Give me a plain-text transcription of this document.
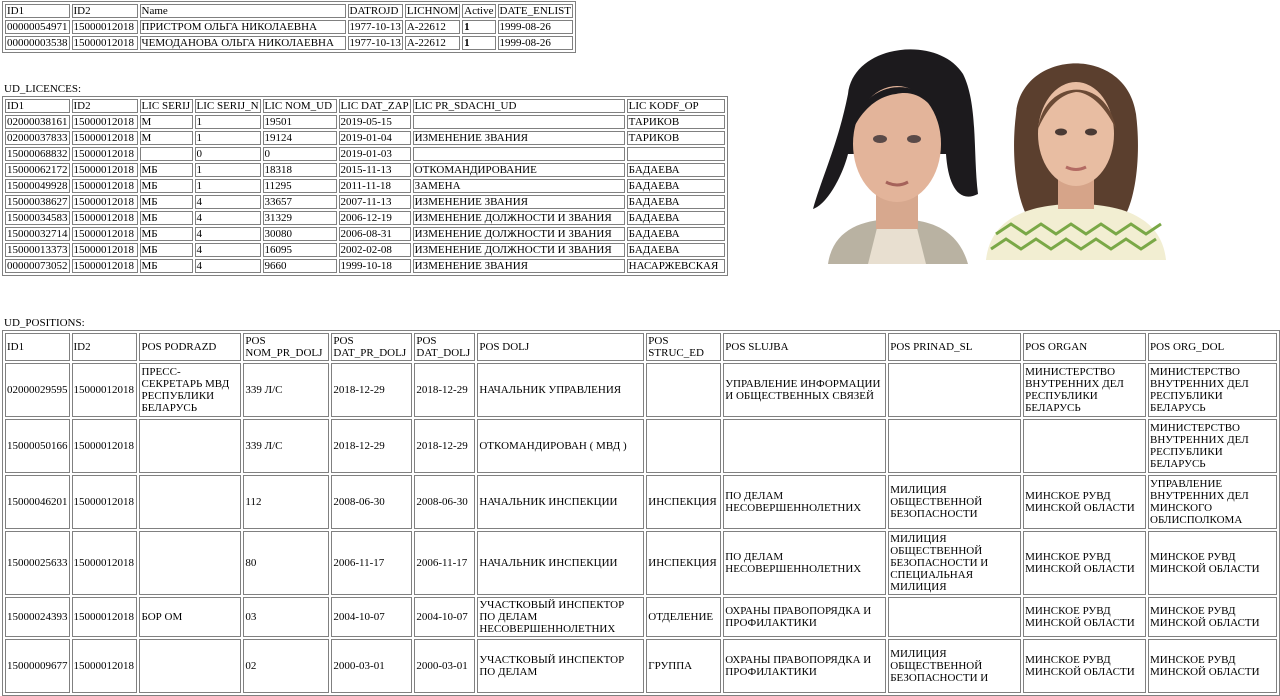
ID1	ID2	Name	DATROJD	LICHNOM	Active	DATE_ENLIST
00000054971	15000012018	ПРИСТРОМ ОЛЬГА НИКОЛАЕВНА	1977-10-13	A-22612	1	1999-08-26
00000003538	15000012018	ЧЕМОДАНОВА ОЛЬГА НИКОЛАЕВНА	1977-10-13	A-22612	1	1999-08-26
UD_LICENCES:
ID1	ID2	LIC SERIJ	LIC SERIJ_N	LIC NOM_UD	LIC DAT_ZAP	LIC PR_SDACHI_UD	LIC KODF_OP
02000038161	15000012018	M	1	19501	2019-05-15		ТАРИКОВ
02000037833	15000012018	M	1	19124	2019-01-04	ИЗМЕНЕНИЕ ЗВАНИЯ	ТАРИКОВ
15000068832	15000012018		0	0	2019-01-03		
15000062172	15000012018	МБ	1	18318	2015-11-13	ОТКОМАНДИРОВАНИЕ	БАДАЕВА
15000049928	15000012018	МБ	1	11295	2011-11-18	ЗАМЕНА	БАДАЕВА
15000038627	15000012018	МБ	4	33657	2007-11-13	ИЗМЕНЕНИЕ ЗВАНИЯ	БАДАЕВА
15000034583	15000012018	МБ	4	31329	2006-12-19	ИЗМЕНЕНИЕ ДОЛЖНОСТИ И ЗВАНИЯ	БАДАЕВА
15000032714	15000012018	МБ	4	30080	2006-08-31	ИЗМЕНЕНИЕ ДОЛЖНОСТИ И ЗВАНИЯ	БАДАЕВА
15000013373	15000012018	МБ	4	16095	2002-02-08	ИЗМЕНЕНИЕ ДОЛЖНОСТИ И ЗВАНИЯ	БАДАЕВА
00000073052	15000012018	МБ	4	9660	1999-10-18	ИЗМЕНЕНИЕ ЗВАНИЯ	НАСАРЖЕВСКАЯ
UD_POSITIONS:
ID1	ID2	POS PODRAZD	POS NOM_PR_DOLJ	POS DAT_PR_DOLJ	POS DAT_DOLJ	POS DOLJ	POS STRUC_ED	POS SLUJBA	POS PRINAD_SL	POS ORGAN	POS ORG_DOL
02000029595	15000012018	ПРЕСС-СЕКРЕТАРЬ МВД РЕСПУБЛИКИ БЕЛАРУСЬ	339 Л/С	2018-12-29	2018-12-29	НАЧАЛЬНИК УПРАВЛЕНИЯ		УПРАВЛЕНИЕ ИНФОРМАЦИИ И ОБЩЕСТВЕННЫХ СВЯЗЕЙ		МИНИСТЕРСТВО ВНУТРЕННИХ ДЕЛ РЕСПУБЛИКИ БЕЛАРУСЬ	МИНИСТЕРСТВО ВНУТРЕННИХ ДЕЛ РЕСПУБЛИКИ БЕЛАРУСЬ
15000050166	15000012018		339 Л/С	2018-12-29	2018-12-29	ОТКОМАНДИРОВАН ( МВД )					МИНИСТЕРСТВО ВНУТРЕННИХ ДЕЛ РЕСПУБЛИКИ БЕЛАРУСЬ
15000046201	15000012018		112	2008-06-30	2008-06-30	НАЧАЛЬНИК ИНСПЕКЦИИ	ИНСПЕКЦИЯ	ПО ДЕЛАМ НЕСОВЕРШЕННОЛЕТНИХ	МИЛИЦИЯ ОБЩЕСТВЕННОЙ БЕЗОПАСНОСТИ	МИНСКОЕ РУВД МИНСКОЙ ОБЛАСТИ	УПРАВЛЕНИЕ ВНУТРЕННИХ ДЕЛ МИНСКОГО ОБЛИСПОЛКОМА
15000025633	15000012018		80	2006-11-17	2006-11-17	НАЧАЛЬНИК ИНСПЕКЦИИ	ИНСПЕКЦИЯ	ПО ДЕЛАМ НЕСОВЕРШЕННОЛЕТНИХ	МИЛИЦИЯ ОБЩЕСТВЕННОЙ БЕЗОПАСНОСТИ И СПЕЦИАЛЬНАЯ МИЛИЦИЯ	МИНСКОЕ РУВД МИНСКОЙ ОБЛАСТИ	МИНСКОЕ РУВД МИНСКОЙ ОБЛАСТИ
15000024393	15000012018	БОР ОМ	03	2004-10-07	2004-10-07	УЧАСТКОВЫЙ ИНСПЕКТОР ПО ДЕЛАМ НЕСОВЕРШЕННОЛЕТНИХ	ОТДЕЛЕНИЕ	ОХРАНЫ ПРАВОПОРЯДКА И ПРОФИЛАКТИКИ		МИНСКОЕ РУВД МИНСКОЙ ОБЛАСТИ	МИНСКОЕ РУВД МИНСКОЙ ОБЛАСТИ
15000009677	15000012018		02	2000-03-01	2000-03-01	УЧАСТКОВЫЙ ИНСПЕКТОР ПО ДЕЛАМ	ГРУППА	ОХРАНЫ ПРАВОПОРЯДКА И ПРОФИЛАКТИКИ	МИЛИЦИЯ ОБЩЕСТВЕННОЙ БЕЗОПАСНОСТИ И	МИНСКОЕ РУВД МИНСКОЙ ОБЛАСТИ	МИНСКОЕ РУВД МИНСКОЙ ОБЛАСТИ
